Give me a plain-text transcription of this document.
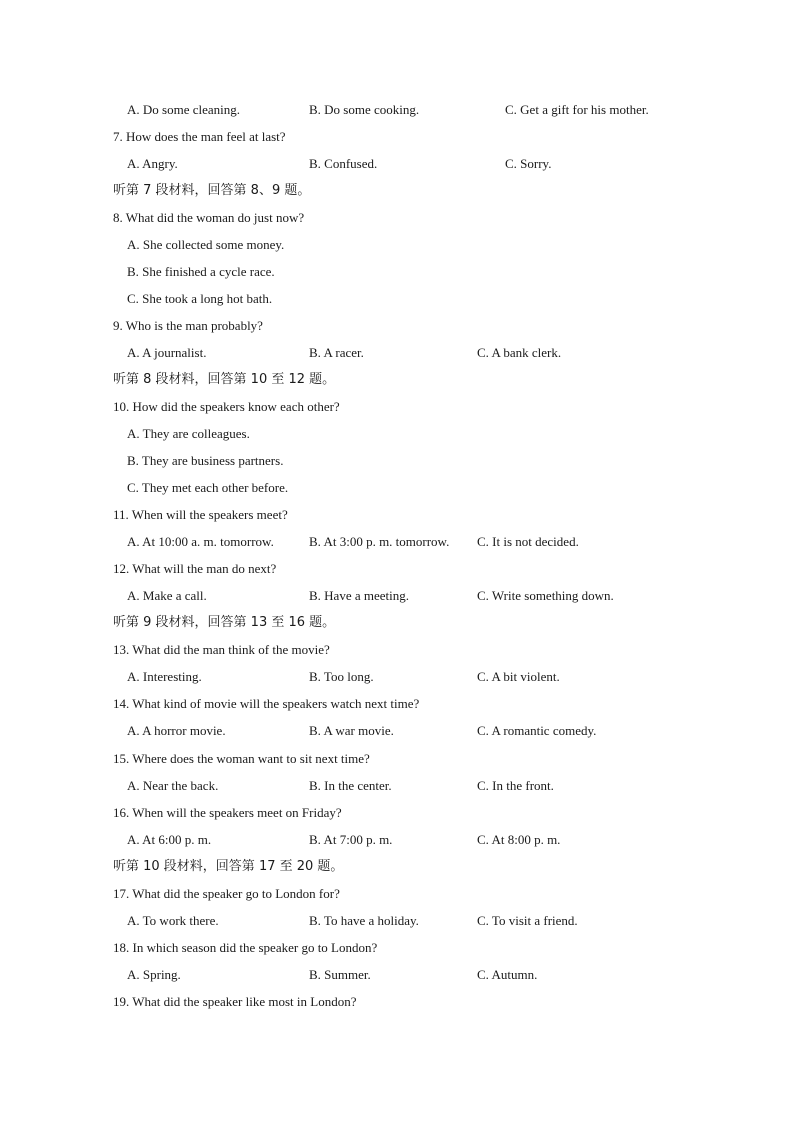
A. Do some cleaning.	B. Do some cooking.	C. Get a gift for his mother.
7. How does the man feel at last?
A. Angry.	B. Confused.	C. Sorry.
听第 7 段材料，回答第 8、9 题。
8. What did the woman do just now?
A. She collected some money.
B. She finished a cycle race.
C. She took a long hot bath.
9. Who is the man probably?
A. A journalist.	B. A racer.	C. A bank clerk.
听第 8 段材料，回答第 10 至 12 题。
10. How did the speakers know each other?
A. They are colleagues.
B. They are business partners.
C. They met each other before.
11. When will the speakers meet?
A. At 10:00 a. m. tomorrow.	B. At 3:00 p. m. tomorrow. C. It is not decided.
12. What will the man do next?
A. Make a call.	B. Have a meeting.	C. Write something down.
听第 9 段材料，回答第 13 至 16 题。
13. What did the man think of the movie?
A. Interesting.	B. Too long.	C. A bit violent.
14. What kind of movie will the speakers watch next time?
A. A horror movie.	B. A war movie.	C. A romantic comedy.
15. Where does the woman want to sit next time?
A. Near the back.	B. In the center.	C. In the front.
16. When will the speakers meet on Friday?
A. At 6:00 p. m.	B. At 7:00 p. m.	C. At 8:00 p. m.
听第 10 段材料，回答第 17 至 20 题。
17. What did the speaker go to London for?
A. To work there.	B. To have a holiday.	C. To visit a friend.
18. In which season did the speaker go to London?
A. Spring.	B. Summer.	C. Autumn.
19. What did the speaker like most in London?
